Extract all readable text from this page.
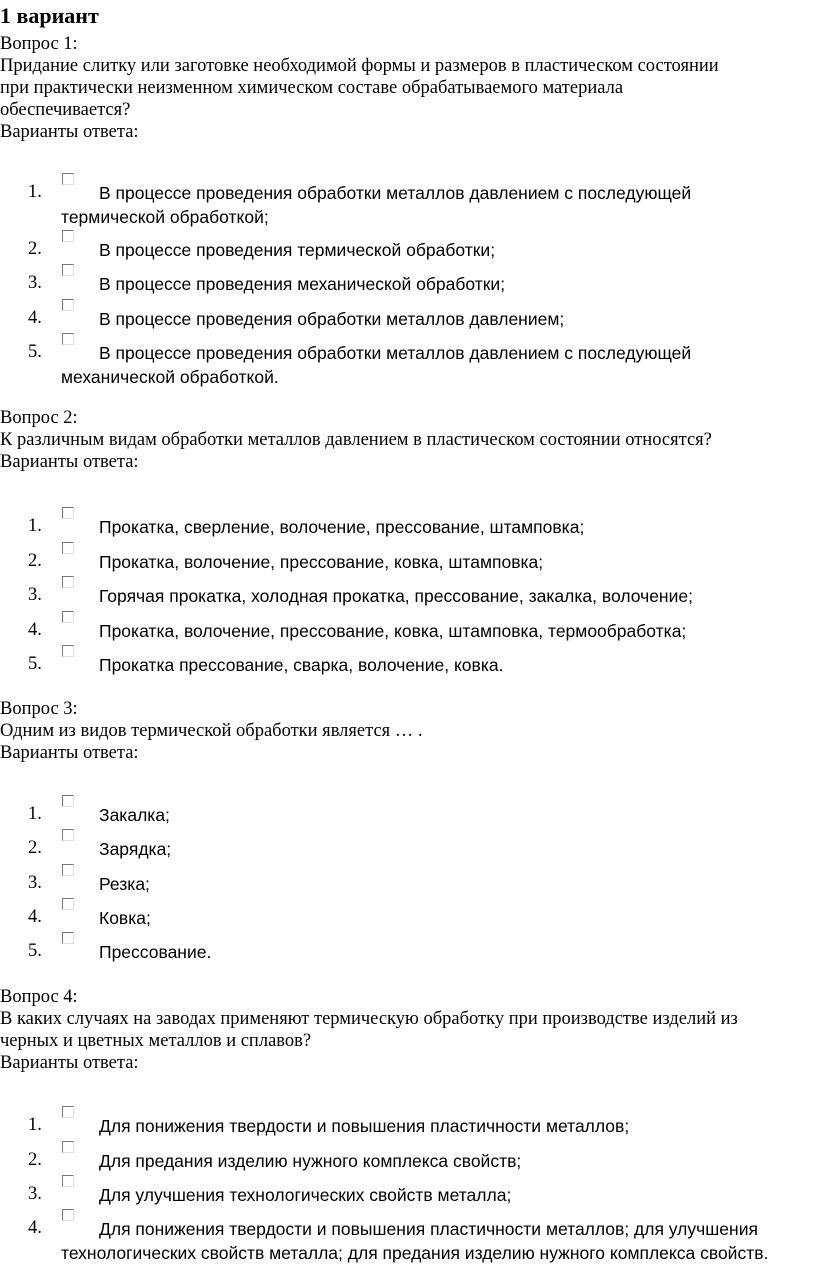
1 вариант

Вопрос 1:

Придание слитку или заготовке необходимой формы и размеров в пластическом состоянии
при практически неизменном химическом составе обрабатываемого материала
обеспечивается?

Варианты ответа:

1.	В процессе проведения обработки металлов давлением с последующей
термической обработкой;
2.	В процессе проведения термической обработки;
3.	В процессе проведения механической обработки;
4.	В процессе проведения обработки металлов давлением;
5.	В процессе проведения обработки металлов давлением с последующей
механической обработкой.

Вопрос 2:

К различным видам обработки металлов давлением в пластическом состоянии относятся?

Варианты ответа:

1.	Прокатка, сверление, волочение, прессование, штамповка;
2.	Прокатка, волочение, прессование, ковка, штамповка;
3.	Горячая прокатка, холодная прокатка, прессование, закалка, волочение;
4.	Прокатка, волочение, прессование, ковка, штамповка, термообработка;
5.	Прокатка прессование, сварка, волочение, ковка.

Вопрос 3:

Одним из видов термической обработки является … .

Варианты ответа:

1.	Закалка;
2.	Зарядка;
3.	Резка;
4.	Ковка;
5.	Прессование.

Вопрос 4:

В каких случаях на заводах применяют термическую обработку при производстве изделий из
черных и цветных металлов и сплавов?

Варианты ответа:

1.	Для понижения твердости и повышения пластичности металлов;
2.	Для предания изделию нужного комплекса свойств;
3.	Для улучшения технологических свойств металла;
4.	Для понижения твердости и повышения пластичности металлов; для улучшения
технологических свойств металла; для предания изделию нужного комплекса свойств.
